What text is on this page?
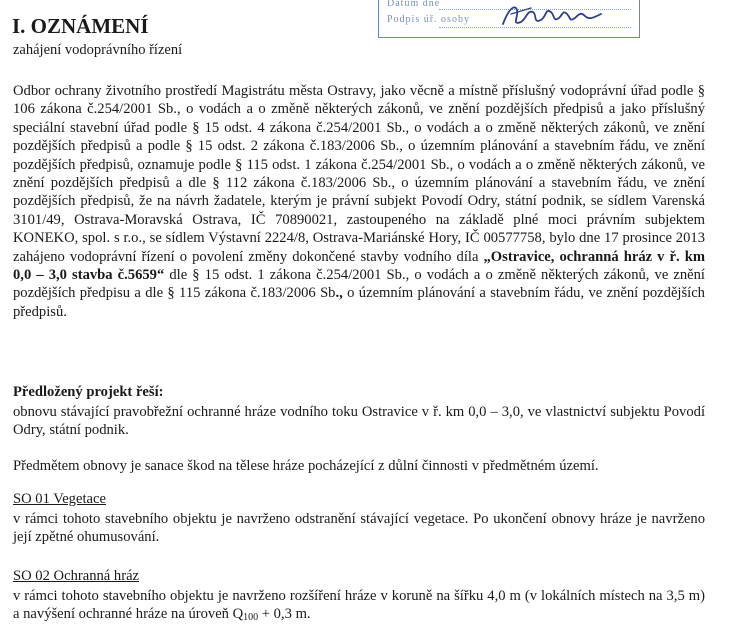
Datum dne
Podpis úř. osoby
I. OZNÁMENÍ
zahájení vodoprávního řízení

Odbor ochrany životního prostředí Magistrátu města Ostravy, jako věcně a místně příslušný vodoprávní úřad podle § 106 zákona č.254/2001 Sb., o vodách a o změně některých zákonů, ve znění pozdějších předpisů a jako příslušný speciální stavební úřad podle § 15 odst. 4 zákona č.254/2001 Sb., o vodách a o změně některých zákonů, ve znění pozdějších předpisů a podle § 15 odst. 2 zákona č.183/2006 Sb., o územním plánování a stavebním řádu, ve znění pozdějších předpisů, oznamuje podle § 115 odst. 1 zákona č.254/2001 Sb., o vodách a o změně některých zákonů, ve znění pozdějších předpisů a dle § 112 zákona č.183/2006 Sb., o územním plánování a stavebním řádu, ve znění pozdějších předpisů, že na návrh žadatele, kterým je právní subjekt Povodí Odry, státní podnik, se sídlem Varenská 3101/49, Ostrava-Moravská Ostrava, IČ 70890021, zastoupeného na základě plné moci právním subjektem KONEKO, spol. s r.o., se sídlem Výstavní 2224/8, Ostrava-Mariánské Hory, IČ 00577758, bylo dne 17 prosince 2013 zahájeno vodoprávní řízení o povolení změny dokončené stavby vodního díla „Ostravice, ochranná hráz v ř. km 0,0 – 3,0 stavba č.5659“ dle § 15 odst. 1 zákona č.254/2001 Sb., o vodách a o změně některých zákonů, ve znění pozdějších předpisu a dle § 115 zákona č.183/2006 Sb., o územním plánování a stavebním řádu, ve znění pozdějších předpisů.

Předložený projekt řeší:

obnovu stávající pravobřežní ochranné hráze vodního toku Ostravice v ř. km 0,0 – 3,0, ve vlastnictví subjektu Povodí Odry, státní podnik.

Předmětem obnovy je sanace škod na tělese hráze pocházející z důlní činnosti v předmětném území.

SO 01 Vegetace

v rámci tohoto stavebního objektu je navrženo odstranění stávající vegetace. Po ukončení obnovy hráze je navrženo její zpětné ohumusování.

SO 02 Ochranná hráz

v rámci tohoto stavebního objektu je navrženo rozšíření hráze v koruně na šířku 4,0 m (v lokálních místech na 3,5 m) a navýšení ochranné hráze na úroveň $Q_{100} + 0,3$ m.
